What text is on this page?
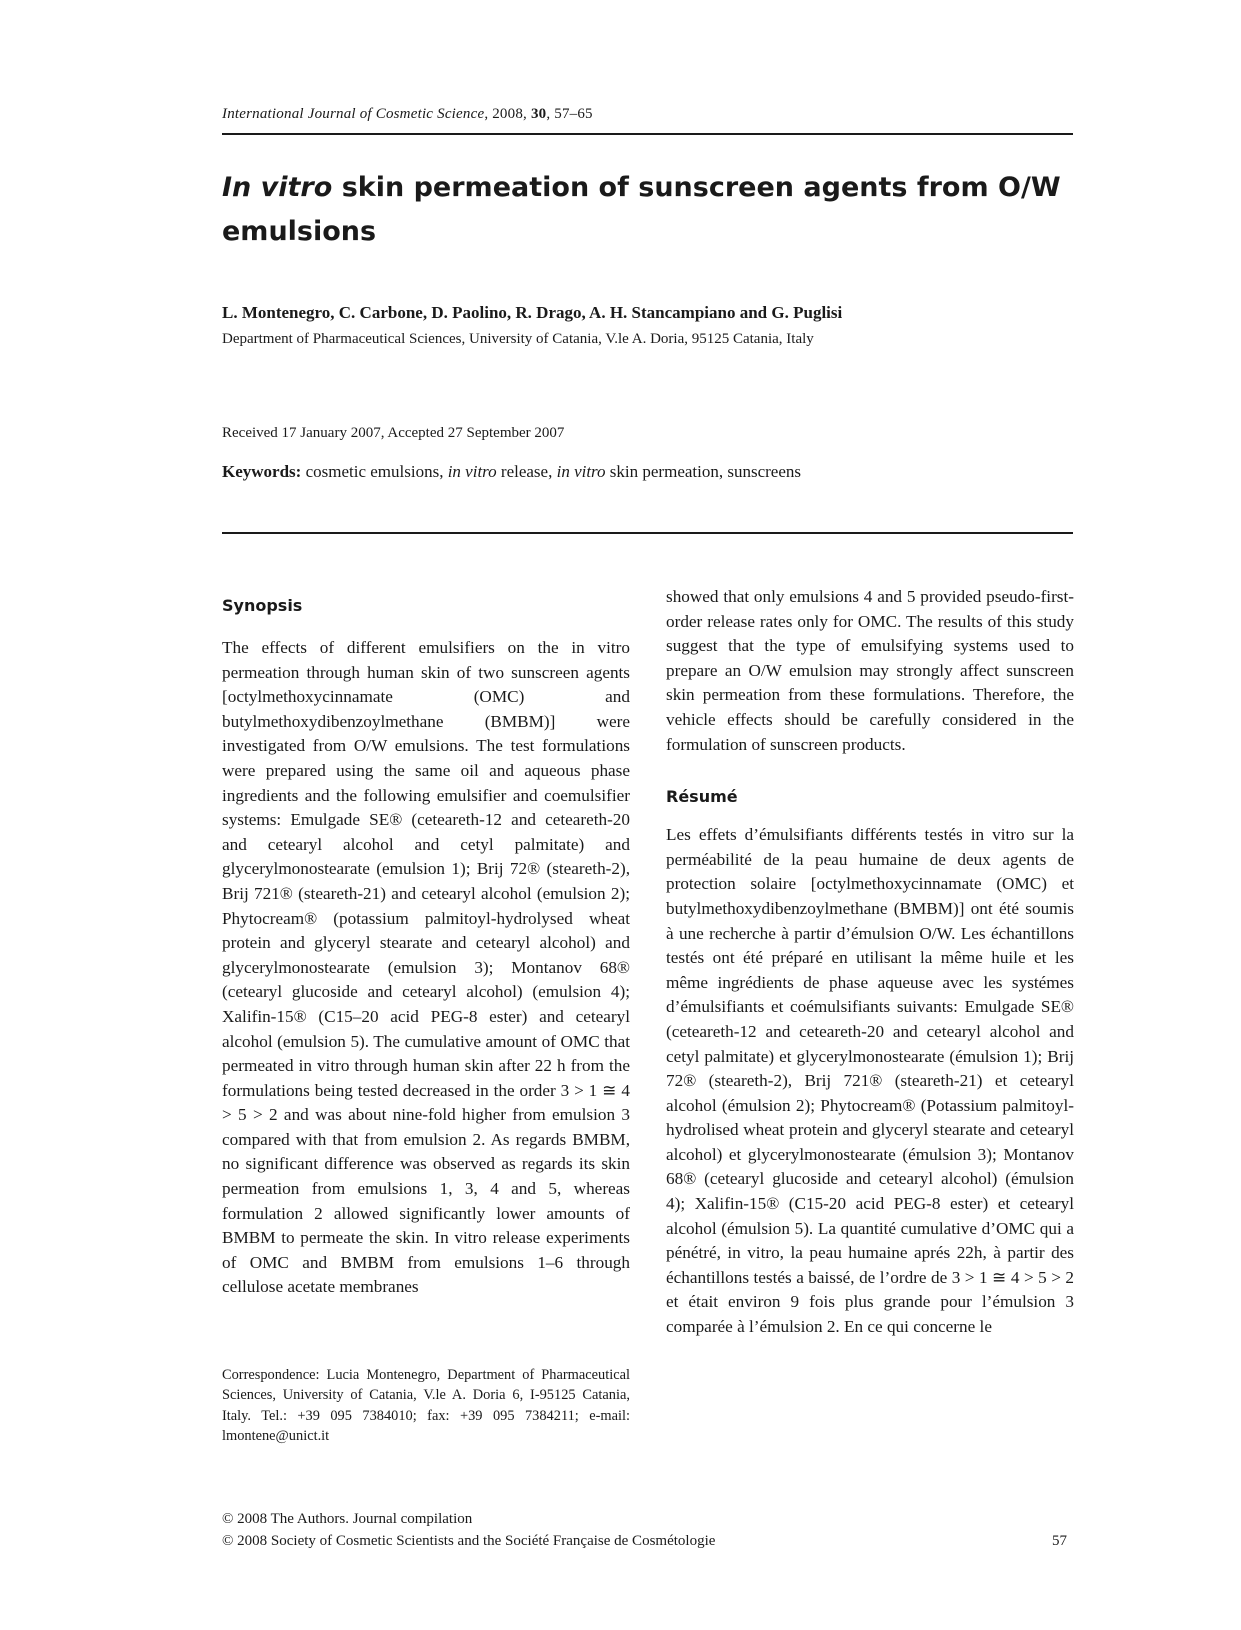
International Journal of Cosmetic Science, 2008, 30, 57–65
In vitro skin permeation of sunscreen agents from O/W emulsions
L. Montenegro, C. Carbone, D. Paolino, R. Drago, A. H. Stancampiano and G. Puglisi
Department of Pharmaceutical Sciences, University of Catania, V.le A. Doria, 95125 Catania, Italy
Received 17 January 2007, Accepted 27 September 2007
Keywords: cosmetic emulsions, in vitro release, in vitro skin permeation, sunscreens
Synopsis

The effects of different emulsifiers on the in vitro permeation through human skin of two sunscreen agents [octylmethoxycinnamate (OMC) and butylmethoxydibenzoylmethane (BMBM)] were investigated from O/W emulsions. The test formulations were prepared using the same oil and aqueous phase ingredients and the following emulsifier and coemulsifier systems: Emulgade SE® (ceteareth-12 and ceteareth-20 and cetearyl alcohol and cetyl palmitate) and glycerylmonostearate (emulsion 1); Brij 72® (steareth-2), Brij 721® (steareth-21) and cetearyl alcohol (emulsion 2); Phytocream® (potassium palmitoyl-hydrolysed wheat protein and glyceryl stearate and cetearyl alcohol) and glycerylmonostearate (emulsion 3); Montanov 68® (cetearyl glucoside and cetearyl alcohol) (emulsion 4); Xalifin-15® (C15–20 acid PEG-8 ester) and cetearyl alcohol (emulsion 5). The cumulative amount of OMC that permeated in vitro through human skin after 22 h from the formulations being tested decreased in the order 3 > 1 ≅ 4 > 5 > 2 and was about nine-fold higher from emulsion 3 compared with that from emulsion 2. As regards BMBM, no significant difference was observed as regards its skin permeation from emulsions 1, 3, 4 and 5, whereas formulation 2 allowed significantly lower amounts of BMBM to permeate the skin. In vitro release experiments of OMC and BMBM from emulsions 1–6 through cellulose acetate membranes

Correspondence: Lucia Montenegro, Department of Pharmaceutical Sciences, University of Catania, V.le A. Doria 6, I-95125 Catania, Italy. Tel.: +39 095 7384010; fax: +39 095 7384211; e-mail: lmontene@unict.it

showed that only emulsions 4 and 5 provided pseudo-first-order release rates only for OMC. The results of this study suggest that the type of emulsifying systems used to prepare an O/W emulsion may strongly affect sunscreen skin permeation from these formulations. Therefore, the vehicle effects should be carefully considered in the formulation of sunscreen products.

Résumé

Les effets d’émulsifiants différents testés in vitro sur la perméabilité de la peau humaine de deux agents de protection solaire [octylmethoxycinnamate (OMC) et butylmethoxydibenzoylmethane (BMBM)] ont été soumis à une recherche à partir d’émulsion O/W. Les échantillons testés ont été préparé en utilisant la même huile et les même ingrédients de phase aqueuse avec les systémes d’émulsifiants et coémulsifiants suivants: Emulgade SE® (ceteareth-12 and ceteareth-20 and cetearyl alcohol and cetyl palmitate) et glycerylmonostearate (émulsion 1); Brij 72® (steareth-2), Brij 721® (steareth-21) et cetearyl alcohol (émulsion 2); Phytocream® (Potassium palmitoyl-hydrolised wheat protein and glyceryl stearate and cetearyl alcohol) et glycerylmonostearate (émulsion 3); Montanov 68® (cetearyl glucoside and cetearyl alcohol) (émulsion 4); Xalifin-15® (C15-20 acid PEG-8 ester) et cetearyl alcohol (émulsion 5). La quantité cumulative d’OMC qui a pénétré, in vitro, la peau humaine aprés 22h, à partir des échantillons testés a baissé, de l’ordre de 3 > 1 ≅ 4 > 5 > 2 et était environ 9 fois plus grande pour l’émulsion 3 comparée à l’émulsion 2. En ce qui concerne le

© 2008 The Authors. Journal compilation
© 2008 Society of Cosmetic Scientists and the Société Française de Cosmétologie	57
